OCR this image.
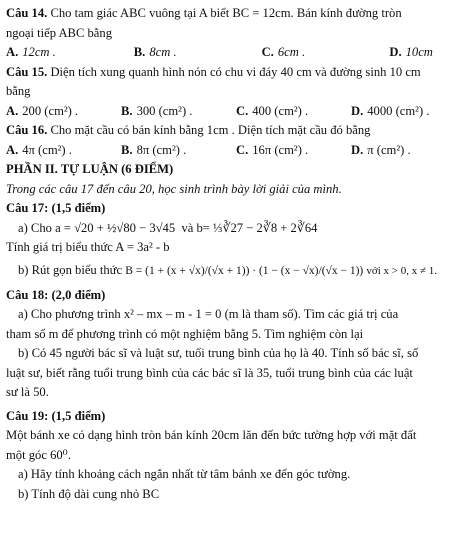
Câu 14. Cho tam giác ABC vuông tại A biết BC = 12cm. Bán kính đường tròn
ngoại tiếp ABC bằng
A. 12cm .	B. 8cm .	C. 6cm .	D. 10cm
Câu 15. Diện tích xung quanh hình nón có chu vi đáy 40 cm và đường sinh 10 cm
bằng
A. 200 (cm²) .	B. 300 (cm²) .	C. 400 (cm²) .	D. 4000 (cm²) .
Câu 16. Cho mặt cầu có bán kính bằng 1cm . Diện tích mặt cầu đó bằng
A. 4π (cm²) .	B. 8π (cm²) .	C. 16π (cm²) .	D. π (cm²) .
PHẦN II. TỰ LUẬN (6 ĐIỂM)
Trong các câu 17 đến câu 20, học sinh trình bày lời giải của mình.
Câu 17: (1,5 điểm)
a) Cho a = √20 + ½√80 − 3√45 và b= ⅓∛27 − 2∛8 + 2∛64
Tính giá trị biểu thức A = 3a² - b
b) Rút gọn biểu thức B = (1 + (x + √x)/(√x + 1)) · (1 − (x − √x)/(√x − 1)) với x > 0, x ≠ 1.
Câu 18: (2,0 điểm)
a) Cho phương trình x² – mx – m - 1 = 0 (m là tham số). Tìm các giá trị của
tham số m để phương trình có một nghiệm bằng 5. Tìm nghiệm còn lại
b) Có 45 người bác sĩ và luật sư, tuổi trung bình của họ là 40. Tính số bác sĩ, số
luật sư, biết rằng tuổi trung bình của các bác sĩ là 35, tuổi trung bình của các luật
sư là 50.
Câu 19: (1,5 điểm)
Một bánh xe có dạng hình tròn bán kính 20cm lăn đến bức tường hợp với mặt đất
một góc 60⁰.
a) Hãy tính khoảng cách ngắn nhất từ tâm bánh xe đến góc tường.
b) Tính độ dài cung nhỏ BC
